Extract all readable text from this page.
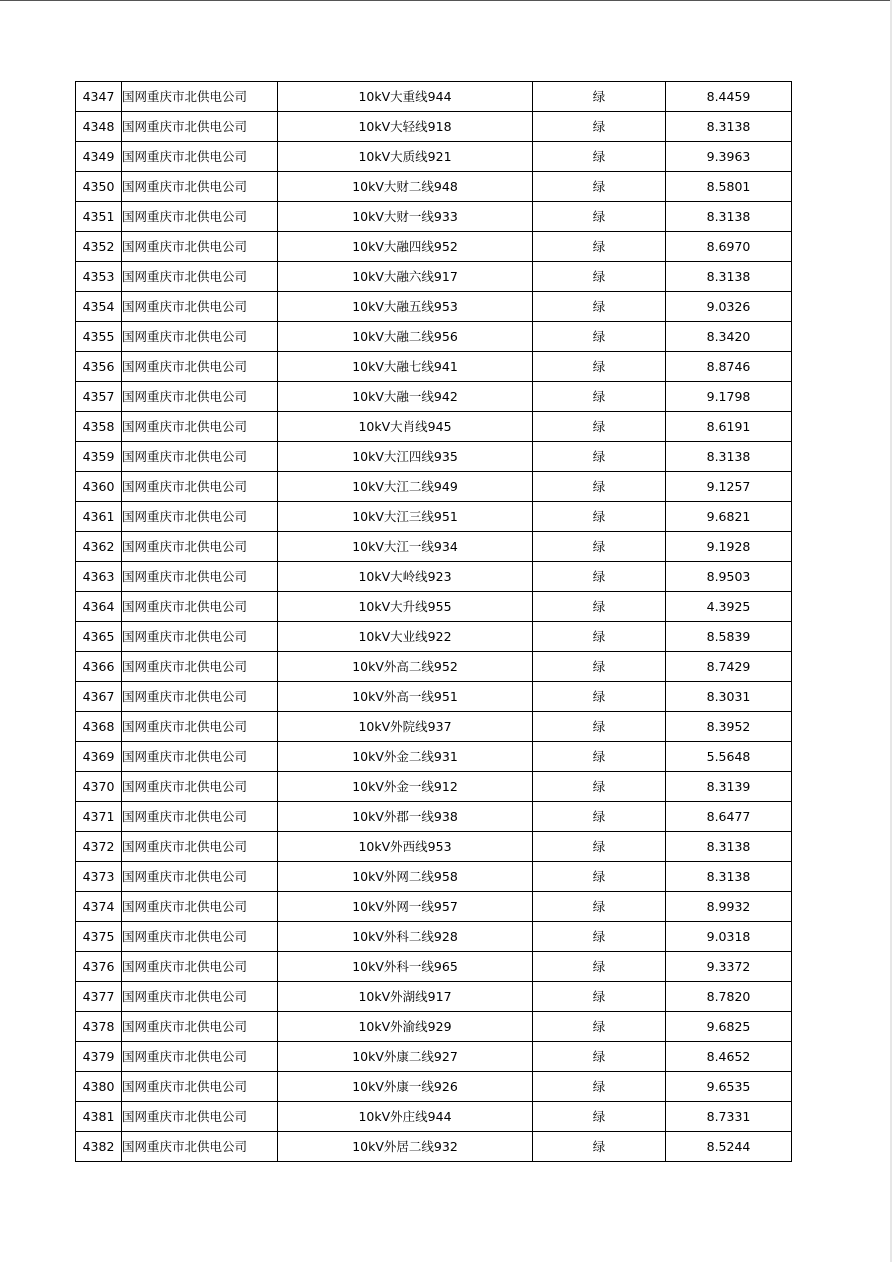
4347	国网重庆市北供电公司	10kV大重线944	绿	8.4459
4348	国网重庆市北供电公司	10kV大轻线918	绿	8.3138
4349	国网重庆市北供电公司	10kV大质线921	绿	9.3963
4350	国网重庆市北供电公司	10kV大财二线948	绿	8.5801
4351	国网重庆市北供电公司	10kV大财一线933	绿	8.3138
4352	国网重庆市北供电公司	10kV大融四线952	绿	8.6970
4353	国网重庆市北供电公司	10kV大融六线917	绿	8.3138
4354	国网重庆市北供电公司	10kV大融五线953	绿	9.0326
4355	国网重庆市北供电公司	10kV大融二线956	绿	8.3420
4356	国网重庆市北供电公司	10kV大融七线941	绿	8.8746
4357	国网重庆市北供电公司	10kV大融一线942	绿	9.1798
4358	国网重庆市北供电公司	10kV大肖线945	绿	8.6191
4359	国网重庆市北供电公司	10kV大江四线935	绿	8.3138
4360	国网重庆市北供电公司	10kV大江二线949	绿	9.1257
4361	国网重庆市北供电公司	10kV大江三线951	绿	9.6821
4362	国网重庆市北供电公司	10kV大江一线934	绿	9.1928
4363	国网重庆市北供电公司	10kV大岭线923	绿	8.9503
4364	国网重庆市北供电公司	10kV大升线955	绿	4.3925
4365	国网重庆市北供电公司	10kV大业线922	绿	8.5839
4366	国网重庆市北供电公司	10kV外高二线952	绿	8.7429
4367	国网重庆市北供电公司	10kV外高一线951	绿	8.3031
4368	国网重庆市北供电公司	10kV外院线937	绿	8.3952
4369	国网重庆市北供电公司	10kV外金二线931	绿	5.5648
4370	国网重庆市北供电公司	10kV外金一线912	绿	8.3139
4371	国网重庆市北供电公司	10kV外郡一线938	绿	8.6477
4372	国网重庆市北供电公司	10kV外西线953	绿	8.3138
4373	国网重庆市北供电公司	10kV外网二线958	绿	8.3138
4374	国网重庆市北供电公司	10kV外网一线957	绿	8.9932
4375	国网重庆市北供电公司	10kV外科二线928	绿	9.0318
4376	国网重庆市北供电公司	10kV外科一线965	绿	9.3372
4377	国网重庆市北供电公司	10kV外湖线917	绿	8.7820
4378	国网重庆市北供电公司	10kV外渝线929	绿	9.6825
4379	国网重庆市北供电公司	10kV外康二线927	绿	8.4652
4380	国网重庆市北供电公司	10kV外康一线926	绿	9.6535
4381	国网重庆市北供电公司	10kV外庄线944	绿	8.7331
4382	国网重庆市北供电公司	10kV外居二线932	绿	8.5244
